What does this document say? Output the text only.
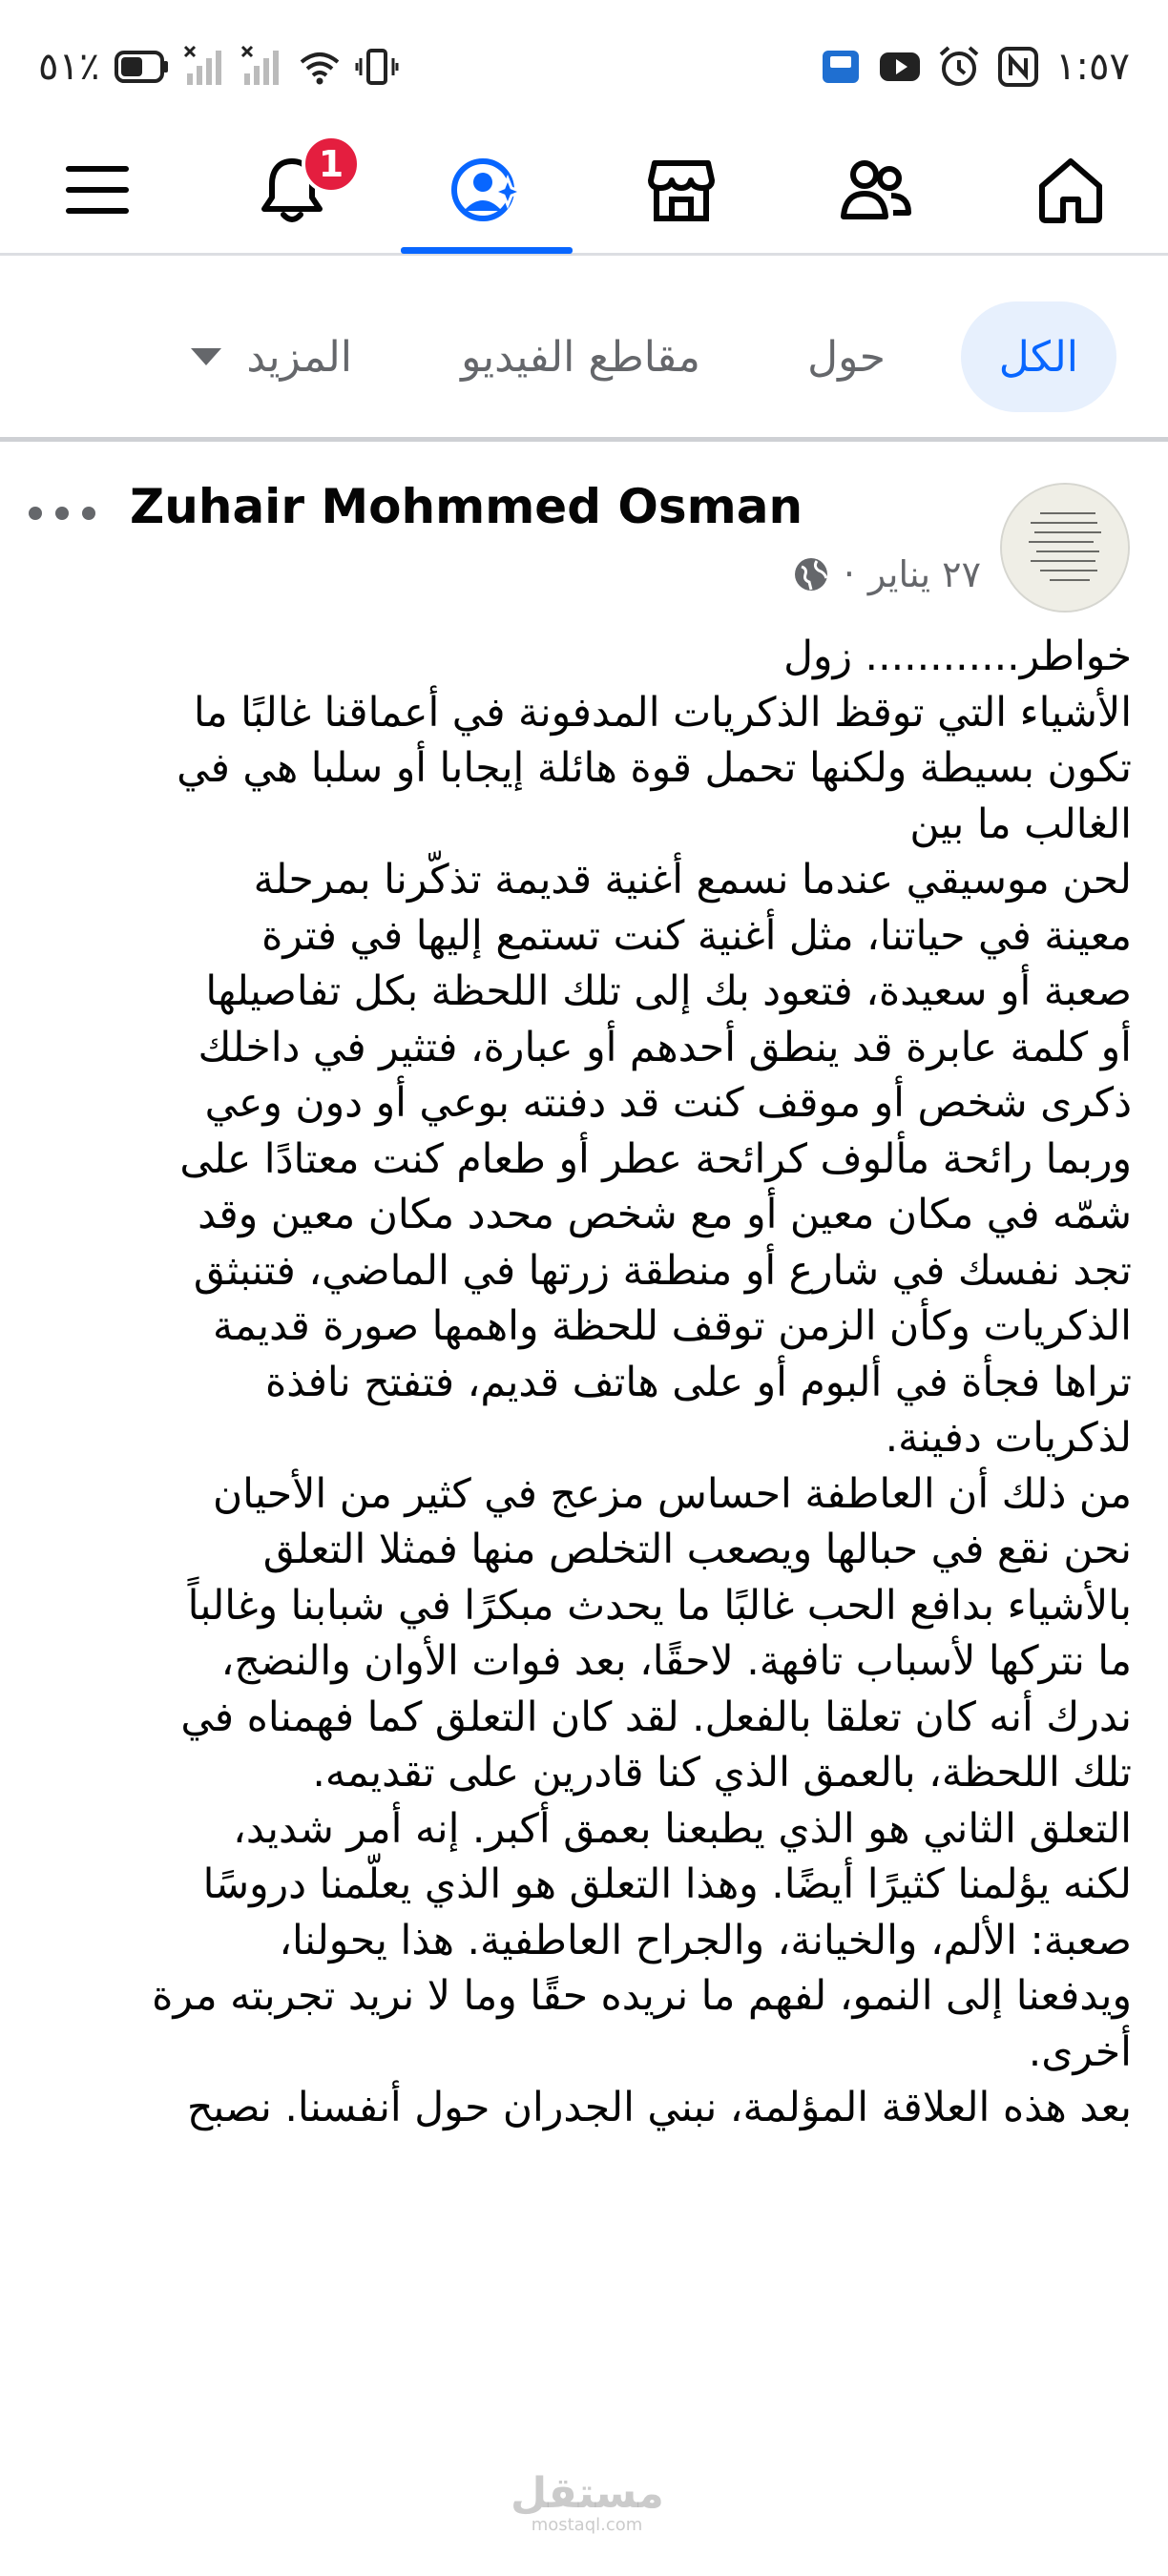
٥١٪	١:٥٧
1
الكل
حول
مقاطع الفيديو
المزيد
Zuhair Mohmmed Osman
٢٧ يناير
·

خواطر............ زول

الأشياء التي توقظ الذكريات المدفونة في أعماقنا غالبًا ما

تكون بسيطة ولكنها تحمل قوة هائلة إيجابا أو سلبا هي في

الغالب ما بين

لحن موسيقي عندما نسمع أغنية قديمة تذكّرنا بمرحلة

معينة في حياتنا، مثل أغنية كنت تستمع إليها في فترة

صعبة أو سعيدة، فتعود بك إلى تلك اللحظة بكل تفاصيلها

أو كلمة عابرة قد ينطق أحدهم أو عبارة، فتثير في داخلك

ذكرى شخص أو موقف كنت قد دفنته بوعي أو دون وعي

وربما رائحة مألوف كرائحة عطر أو طعام كنت معتادًا على

شمّه في مكان معين أو مع شخص محدد مكان معين وقد

تجد نفسك في شارع أو منطقة زرتها في الماضي، فتنبثق

الذكريات وكأن الزمن توقف للحظة واهمها صورة قديمة

تراها فجأة في ألبوم أو على هاتف قديم، فتفتح نافذة

لذكريات دفينة.

من ذلك أن العاطفة احساس مزعج في كثير من الأحيان

نحن نقع في حبالها ويصعب التخلص منها فمثلا التعلق

بالأشياء بدافع الحب غالبًا ما يحدث مبكرًا في شبابنا وغالباً

ما نتركها لأسباب تافهة. لاحقًا، بعد فوات الأوان والنضج،

ندرك أنه كان تعلقا بالفعل. لقد كان التعلق كما فهمناه في

تلك اللحظة، بالعمق الذي كنا قادرين على تقديمه.

التعلق الثاني هو الذي يطبعنا بعمق أكبر. إنه أمر شديد،

لكنه يؤلمنا كثيرًا أيضًا. وهذا التعلق هو الذي يعلّمنا دروسًا

صعبة: الألم، والخيانة، والجراح العاطفية. هذا يحولنا،

ويدفعنا إلى النمو، لفهم ما نريده حقًا وما لا نريد تجربته مرة

أخرى.

بعد هذه العلاقة المؤلمة، نبني الجدران حول أنفسنا. نصبح

مستقل
mostaql.com
